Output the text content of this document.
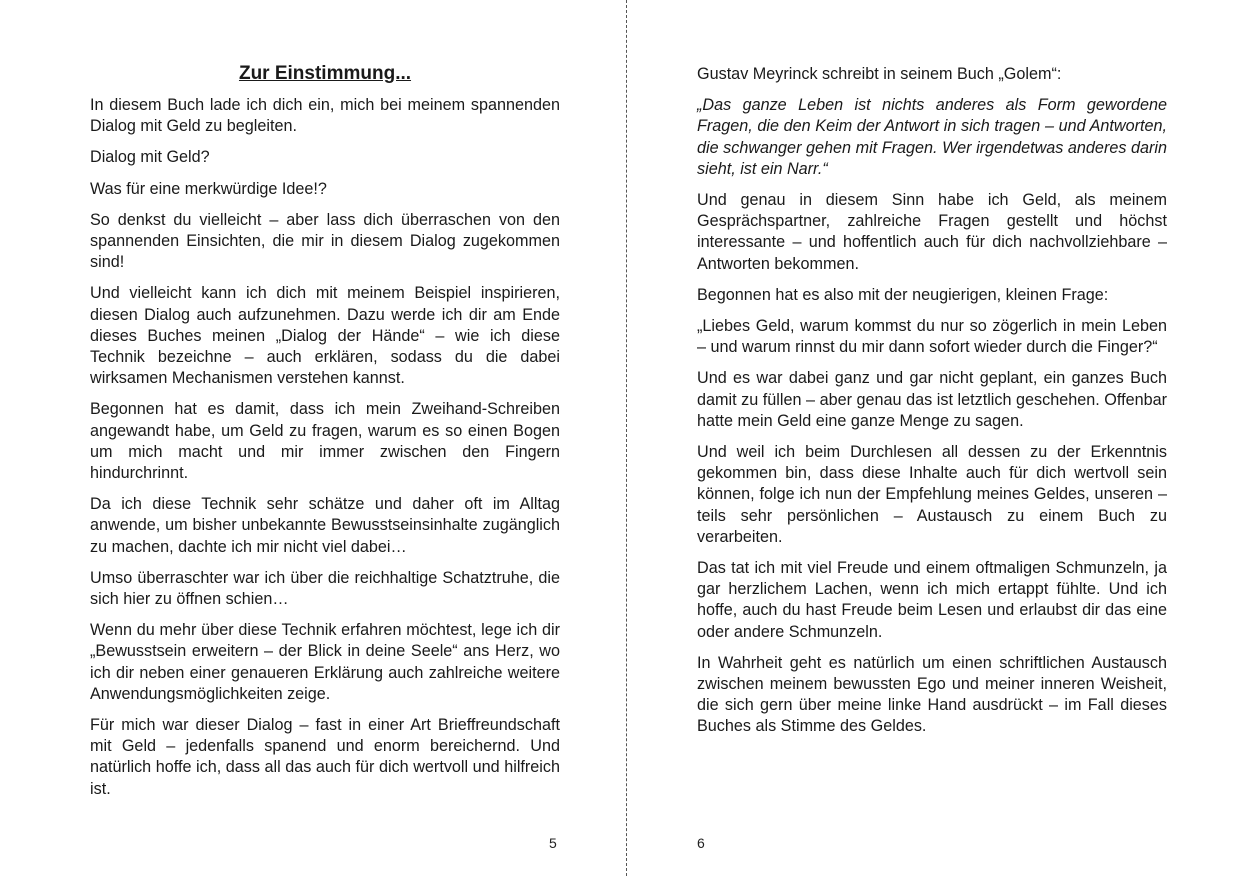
Zur Einstimmung...

In diesem Buch lade ich dich ein, mich bei meinem spannenden Dialog mit Geld zu begleiten.

Dialog mit Geld?

Was für eine merkwürdige Idee!?

So denkst du vielleicht – aber lass dich überraschen von den spannenden Einsichten, die mir in diesem Dialog zugekommen sind!

Und vielleicht kann ich dich mit meinem Beispiel inspirieren, diesen Dialog auch aufzunehmen. Dazu werde ich dir am Ende dieses Buches meinen „Dialog der Hände“ – wie ich diese Technik bezeichne – auch erklären, sodass du die dabei wirksamen Mechanismen verstehen kannst.

Begonnen hat es damit, dass ich mein Zweihand-Schreiben angewandt habe, um Geld zu fragen, warum es so einen Bogen um mich macht und mir immer zwischen den Fingern hindurchrinnt.

Da ich diese Technik sehr schätze und daher oft im Alltag anwende, um bisher unbekannte Bewusstseinsinhalte zugänglich zu machen, dachte ich mir nicht viel dabei…

Umso überraschter war ich über die reichhaltige Schatztruhe, die sich hier zu öffnen schien…

Wenn du mehr über diese Technik erfahren möchtest, lege ich dir „Bewusstsein erweitern – der Blick in deine Seele“ ans Herz, wo ich dir neben einer genaueren Erklärung auch zahlreiche weitere Anwendungsmöglichkeiten zeige.

Für mich war dieser Dialog – fast in einer Art Brieffreundschaft mit Geld – jedenfalls spanend und enorm bereichernd. Und natürlich hoffe ich, dass all das auch für dich wertvoll und hilfreich ist.

Gustav Meyrinck schreibt in seinem Buch „Golem“:

„Das ganze Leben ist nichts anderes als Form gewordene Fragen, die den Keim der Antwort in sich tragen – und Antworten, die schwanger gehen mit Fragen. Wer irgendetwas anderes darin sieht, ist ein Narr.“

Und genau in diesem Sinn habe ich Geld, als meinem Gesprächspartner, zahlreiche Fragen gestellt und höchst interessante – und hoffentlich auch für dich nachvollziehbare – Antworten bekommen.

Begonnen hat es also mit der neugierigen, kleinen Frage:

„Liebes Geld, warum kommst du nur so zögerlich in mein Leben – und warum rinnst du mir dann sofort wieder durch die Finger?“

Und es war dabei ganz und gar nicht geplant, ein ganzes Buch damit zu füllen – aber genau das ist letztlich geschehen. Offenbar hatte mein Geld eine ganze Menge zu sagen.

Und weil ich beim Durchlesen all dessen zu der Erkenntnis gekommen bin, dass diese Inhalte auch für dich wertvoll sein können, folge ich nun der Empfehlung meines Geldes, unseren – teils sehr persönlichen – Austausch zu einem Buch zu verarbeiten.

Das tat ich mit viel Freude und einem oftmaligen Schmunzeln, ja gar herzlichem Lachen, wenn ich mich ertappt fühlte. Und ich hoffe, auch du hast Freude beim Lesen und erlaubst dir das eine oder andere Schmunzeln.

In Wahrheit geht es natürlich um einen schriftlichen Austausch zwischen meinem bewussten Ego und meiner inneren Weisheit, die sich gern über meine linke Hand ausdrückt – im Fall dieses Buches als Stimme des Geldes.

5	6
